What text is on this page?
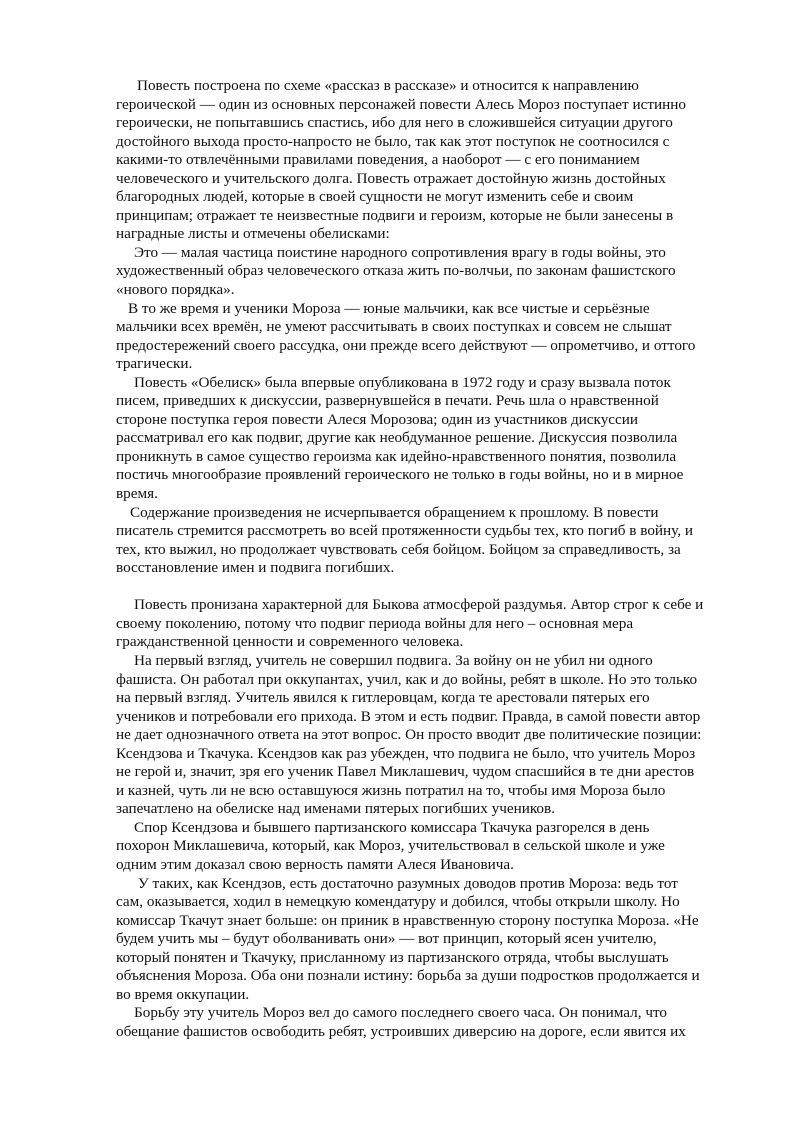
Повесть построена по схеме «рассказ в рассказе» и относится к направлению
героической — один из основных персонажей повести Алесь Мороз поступает истинно
героически, не попытавшись спастись, ибо для него в сложившейся ситуации другого
достойного выхода просто-напросто не было, так как этот поступок не соотносился с
какими-то отвлечёнными правилами поведения, а наоборот — с его пониманием
человеческого и учительского долга. Повесть отражает достойную жизнь достойных
благородных людей, которые в своей сущности не могут изменить себе и своим
принципам; отражает те неизвестные подвиги и героизм, которые не были занесены в
наградные листы и отмечены обелисками:
Это — малая частица поистине народного сопротивления врагу в годы войны, это
художественный образ человеческого отказа жить по-волчьи, по законам фашистского
«нового порядка».
В то же время и ученики Мороза — юные мальчики, как все чистые и серьёзные
мальчики всех времён, не умеют рассчитывать в своих поступках и совсем не слышат
предостережений своего рассудка, они прежде всего действуют — опрометчиво, и оттого
трагически.
Повесть «Обелиск» была впервые опубликована в 1972 году и сразу вызвала поток
писем, приведших к дискуссии, развернувшейся в печати. Речь шла о нравственной
стороне поступка героя повести Алеся Морозова; один из участников дискуссии
рассматривал его как подвиг, другие как необдуманное решение. Дискуссия позволила
проникнуть в самое существо героизма как идейно-нравственного понятия, позволила
постичь многообразие проявлений героического не только в годы войны, но и в мирное
время.
Содержание произведения не исчерпывается обращением к прошлому. В повести
писатель стремится рассмотреть во всей протяженности судьбы тех, кто погиб в войну, и
тех, кто выжил, но продолжает чувствовать себя бойцом. Бойцом за справедливость, за
восстановление имен и подвига погибших.
Повесть пронизана характерной для Быкова атмосферой раздумья. Автор строг к себе и
своему поколению, потому что подвиг периода войны для него – основная мера
гражданственной ценности и современного человека.
На первый взгляд, учитель не совершил подвига. За войну он не убил ни одного
фашиста. Он работал при оккупантах, учил, как и до войны, ребят в школе. Но это только
на первый взгляд. Учитель явился к гитлеровцам, когда те арестовали пятерых его
учеников и потребовали его прихода. В этом и есть подвиг. Правда, в самой повести автор
не дает однозначного ответа на этот вопрос. Он просто вводит две политические позиции:
Ксендзова и Ткачука. Ксендзов как раз убежден, что подвига не было, что учитель Мороз
не герой и, значит, зря его ученик Павел Миклашевич, чудом спасшийся в те дни арестов
и казней, чуть ли не всю оставшуюся жизнь потратил на то, чтобы имя Мороза было
запечатлено на обелиске над именами пятерых погибших учеников.
Спор Ксендзова и бывшего партизанского комиссара Ткачука разгорелся в день
похорон Миклашевича, который, как Мороз, учительствовал в сельской школе и уже
одним этим доказал свою верность памяти Алеся Ивановича.
У таких, как Ксендзов, есть достаточно разумных доводов против Мороза: ведь тот
сам, оказывается, ходил в немецкую комендатуру и добился, чтобы открыли школу. Но
комиссар Ткачут знает больше: он приник в нравственную сторону поступка Мороза. «Не
будем учить мы – будут оболванивать они» — вот принцип, который ясен учителю,
который понятен и Ткачуку, присланному из партизанского отряда, чтобы выслушать
объяснения Мороза. Оба они познали истину: борьба за души подростков продолжается и
во время оккупации.
Борьбу эту учитель Мороз вел до самого последнего своего часа. Он понимал, что
обещание фашистов освободить ребят, устроивших диверсию на дороге, если явится их
